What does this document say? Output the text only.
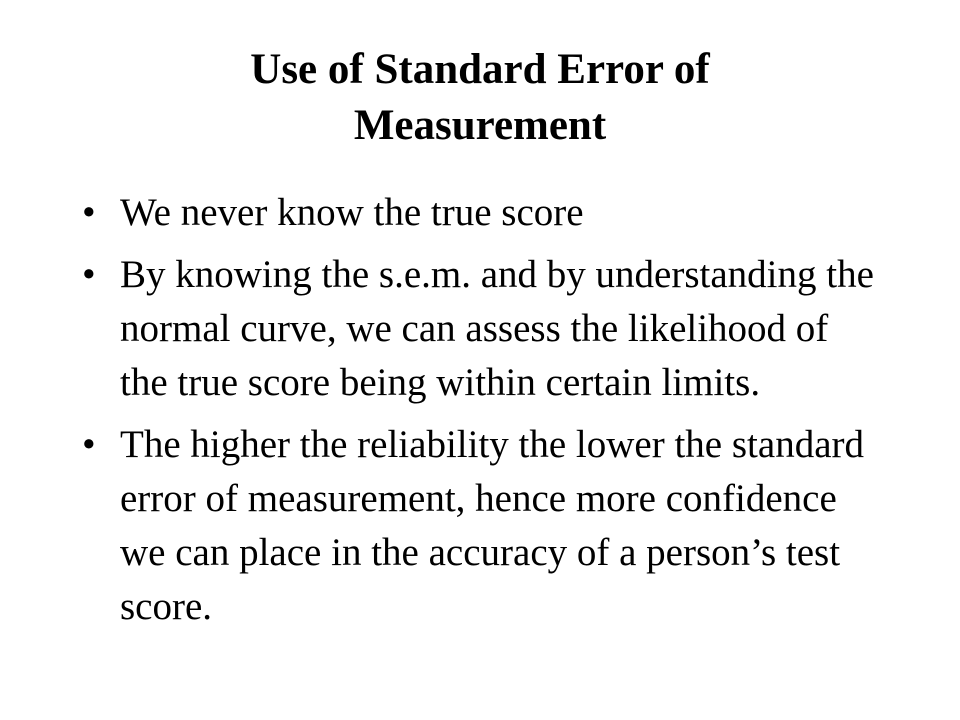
Use of Standard Error of
Measurement
• We never know the true score
• By knowing the s.e.m. and by understanding the normal curve, we can assess the likelihood of the true score being within certain limits.
• The higher the reliability the lower the standard error of measurement, hence more confidence we can place in the accuracy of a person’s test score.
